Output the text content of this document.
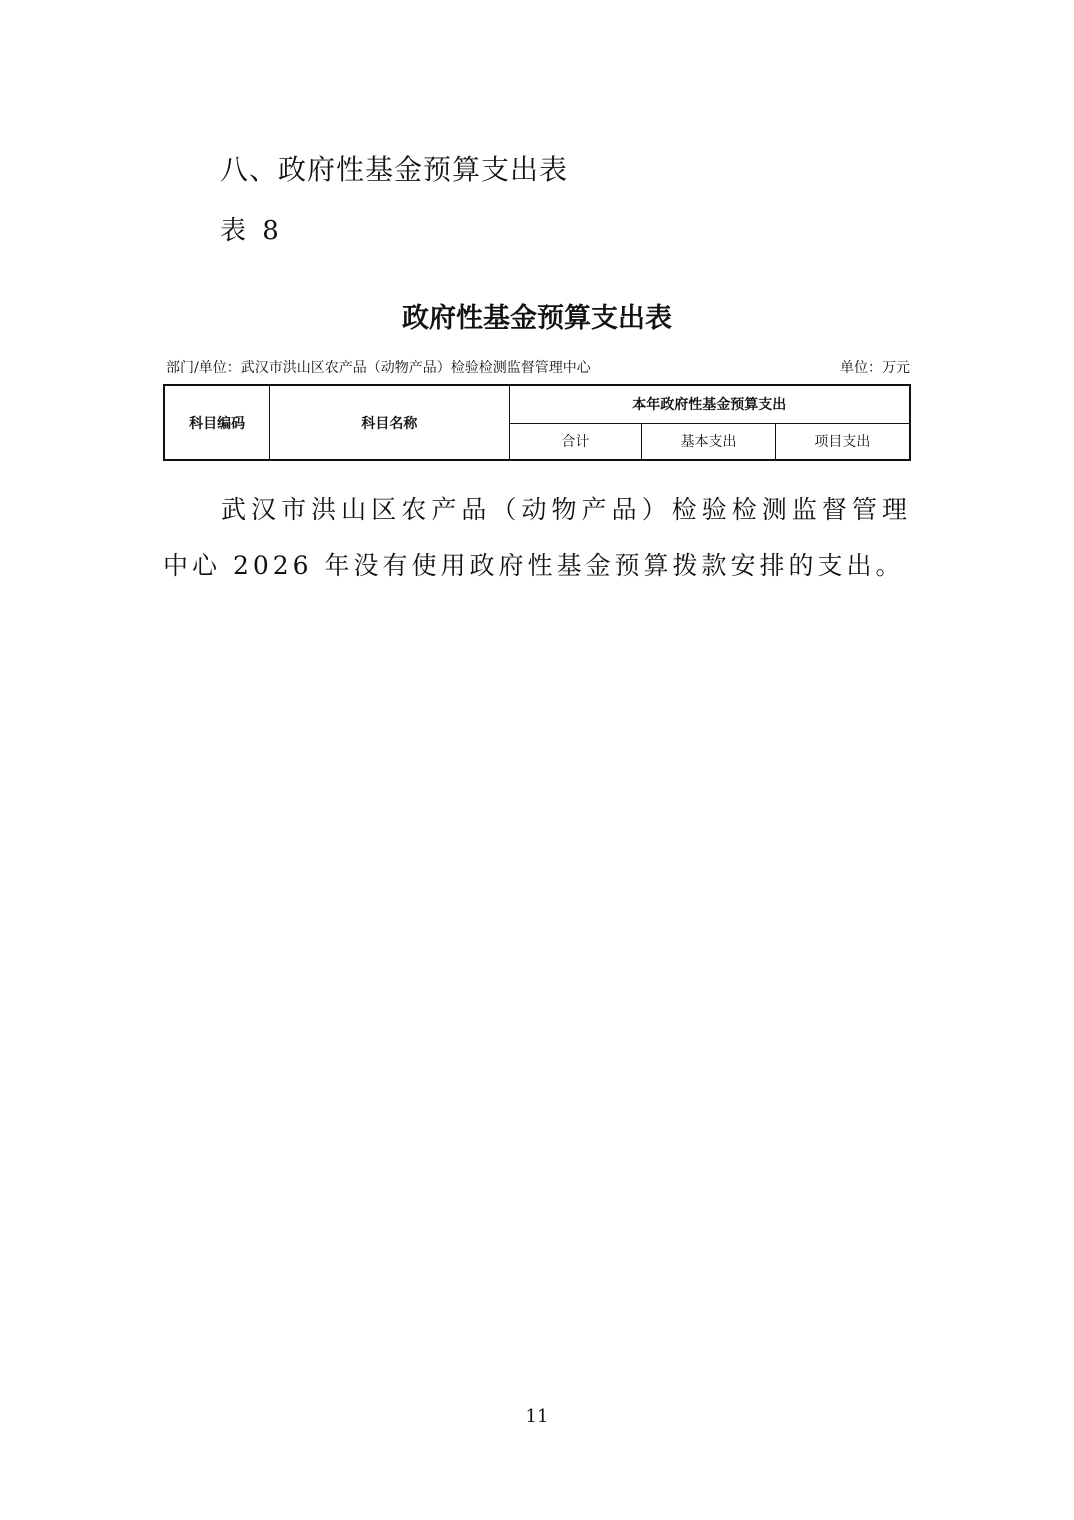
八、政府性基金预算支出表
表 8
政府性基金预算支出表
部门/单位：武汉市洪山区农产品（动物产品）检验检测监督管理中心	单位：万元
科目编码	科目名称	本年政府性基金预算支出		
		合计	基本支出	项目支出
武汉市洪山区农产品（动物产品）检验检测监督管理中心 2026 年没有使用政府性基金预算拨款安排的支出。
11
